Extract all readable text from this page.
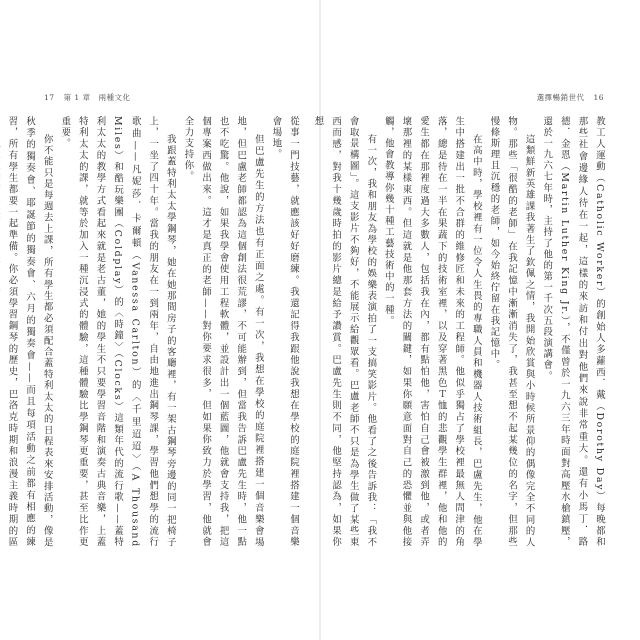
17 第 1 章　兩種文化	選擇暢銷世代 16

從事一門技藝，就應該好好磨練。我還記得我跟他說我想在學校的庭院裡搭建一個音樂會場地。

但巴盧先生的方法也有正面之處。有一次，我想在學校的庭院裡搭建一個音樂會場地，但巴盧老師都認為這個創法很荒謬，不可能辦到，但當我告訴巴盧先生時，他一點也不吃驚。他說，如果我學會使用工程軟體，並設計出一個藍圖，他就會支持我，把這個專案西做出來。這才是真正的老師——對你要求很多，但如果你致力於學習，他就會全力支持你。

我跟蓋特利太太學鋼琴，她在她那間房子的客廳裡，有一架古鋼琴旁邊的同一把椅子上，一坐了四十年。當我的朋友在一到兩年，自由地進出鋼琴課，學習他們想學的流行歌曲——凡妮莎．卡爾頓（Vanessa Carlton）的〈千里迢迢〉（A Thousand Miles）和酷玩樂團（Coldplay）的〈時鐘〉（Clocks）這類年代的流行歌——蓋特利太太的教學方式看起來就是老古董，她的學生不只要學習音階和演奏古典音樂，上蓋特利太太的課，就等於加入一種沉浸式的體驗，這種體驗比學鋼琴更重要，甚至比作更重要。

你不能只是每週去上課，所有學生都必須配合蓋特利太太的日程表來安排活動，像是秋季的獨奏會、耶誕節的獨奏會、六月的獨奏會——而且每項活動之前都有相應的練習，所有學生都要一起準備。你必須學習鋼琴的歷史，巴洛克時期和浪漫主義時期的區	教工人運動（Catholic Worker）的創始人多蘿西．戴（Dorothy Day）每晚都和那些社會邊緣人待在一起，這樣的來訪和付出對他們來說非常重大。還有小馬丁．路德．金恩（Martin Luther King Jr.），不僅曾於一九六三年時面對高壓水槍鎮壓，還於一九六七年時，主持了他的第一千次五段演講會。

這類鮮新英雄課我著生了欽佩之情，我開始欣賞與小時候所景仰的偶像完全不同的人物。那些「很酷的老師」在我記憶中漸漸消失了，我甚至想不起某幾位的名字，但那些慢條斯理且沉穩的老師，如今始終佇留在我記憶中。

在高中時，學校裡有一位令人生畏的專職人員和機器人技術組長，巴盧先生，他在學生中搭建出一批不合群的維修匠和未來的工程師。他似乎獨占了學校裡最無人問津的角落，總是待在一半在果蔬下的技術室裡，以及穿著黑色Ｔ恤的悲觀學生群裡，他和他的愛生都在那裡度過大多數人，包括我在內，都有點怕他，害怕自己會被激到他，或者弄壞那裡的某樣東西。但這就是他那套方法的關鍵，如果你願意面對自己的恐懼並與他接觸，他會教導你幾十種工藝技術中的一種。

有一次，我和朋友為學校的娛樂表演拍了一支搞笑影片。他看了之後告訴我：「我不會取景構圖」。這支影片不夠好，不能展示給觀眾看。巴盧老師不只是為學生做了某些東西而感，對我十幾歲時拍的影片總是給予讚賞。巴盧先生則不同，他堅持認為，如果你想
